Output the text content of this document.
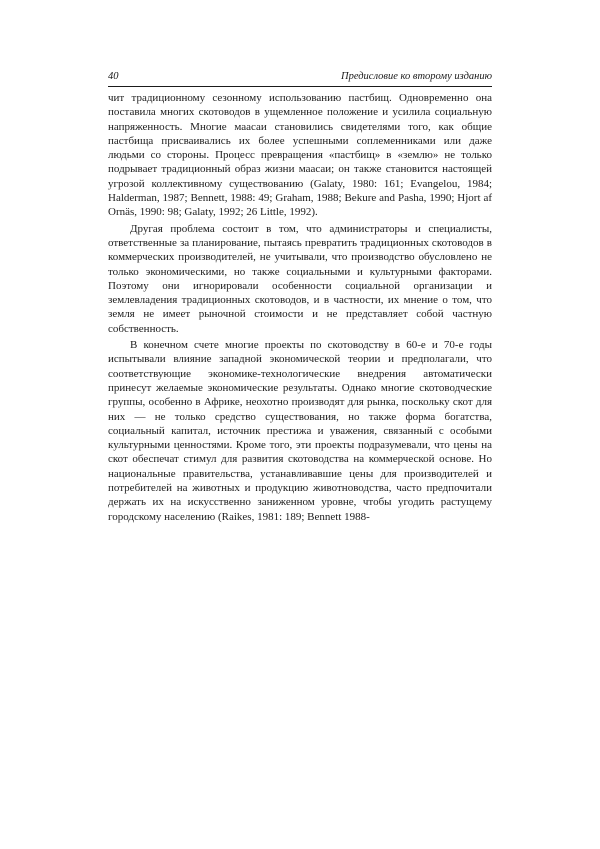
40	Предисловие ко второму изданию

чит традиционному сезонному использованию пастбищ. Одновременно она поставила многих скотоводов в ущемленное положение и усилила социальную напряженность. Многие маасаи становились свидетелями того, как общие пастбища присваивались их более успешными соплеменниками или даже людьми со стороны. Процесс превращения «пастбищ» в «землю» не только подрывает традиционный образ жизни маасаи; он также становится настоящей угрозой коллективному существованию (Galaty, 1980: 161; Evangelou, 1984; Halderman, 1987; Bennett, 1988: 49; Graham, 1988; Bekure and Pasha, 1990; Hjort af Ornäs, 1990: 98; Galaty, 1992; 26 Little, 1992).

Другая проблема состоит в том, что администраторы и специалисты, ответственные за планирование, пытаясь превратить традиционных скотоводов в коммерческих производителей, не учитывали, что производство обусловлено не только экономическими, но также социальными и культурными факторами. Поэтому они игнорировали особенности социальной организации и землевладения традиционных скотоводов, и в частности, их мнение о том, что земля не имеет рыночной стоимости и не представляет собой частную собственность.

В конечном счете многие проекты по скотоводству в 60-е и 70-е годы испытывали влияние западной экономической теории и предполагали, что соответствующие экономике-технологические внедрения автоматически принесут желаемые экономические результаты. Однако многие скотоводческие группы, особенно в Африке, неохотно производят для рынка, поскольку скот для них — не только средство существования, но также форма богатства, социальный капитал, источник престижа и уважения, связанный с особыми культурными ценностями. Кроме того, эти проекты подразумевали, что цены на скот обеспечат стимул для развития скотоводства на коммерческой основе. Но национальные правительства, устанавливавшие цены для производителей и потребителей на животных и продукцию животноводства, часто предпочитали держать их на искусственно заниженном уровне, чтобы угодить растущему городскому населению (Raikes, 1981: 189; Bennett 1988-
